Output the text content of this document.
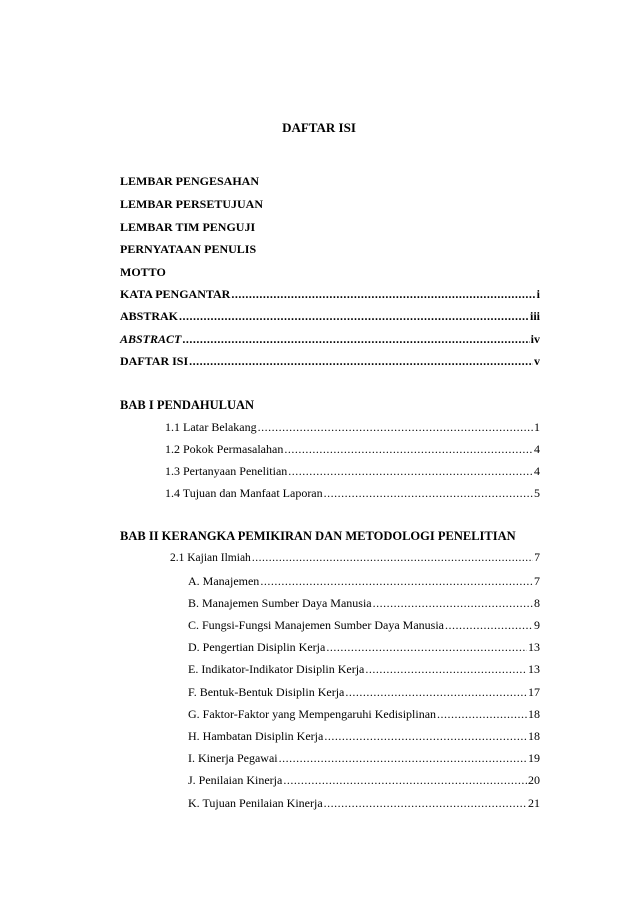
DAFTAR ISI
LEMBAR PENGESAHAN
LEMBAR PERSETUJUAN
LEMBAR TIM PENGUJI
PERNYATAAN PENULIS
MOTTO
KATA PENGANTAR .....	i
ABSTRAK .....	iii
ABSTRACT .....	iv
DAFTAR ISI .....	v
BAB I PENDAHULUAN
1.1 Latar Belakang .....	1
1.2 Pokok Permasalahan .....	4
1.3 Pertanyaan Penelitian .....	4
1.4 Tujuan dan Manfaat Laporan .....	5
BAB II KERANGKA PEMIKIRAN DAN METODOLOGI PENELITIAN
2.1 Kajian Ilmiah .....	7
A. Manajemen .....	7
B. Manajemen Sumber Daya Manusia .....	8
C. Fungsi-Fungsi Manajemen Sumber Daya Manusia .....	9
D. Pengertian Disiplin Kerja .....	13
E. Indikator-Indikator Disiplin Kerja .....	13
F. Bentuk-Bentuk Disiplin Kerja .....	17
G. Faktor-Faktor yang Mempengaruhi Kedisiplinan .....	18
H. Hambatan Disiplin Kerja .....	18
I. Kinerja Pegawai .....	19
J. Penilaian Kinerja .....	20
K. Tujuan Penilaian Kinerja .....	21
